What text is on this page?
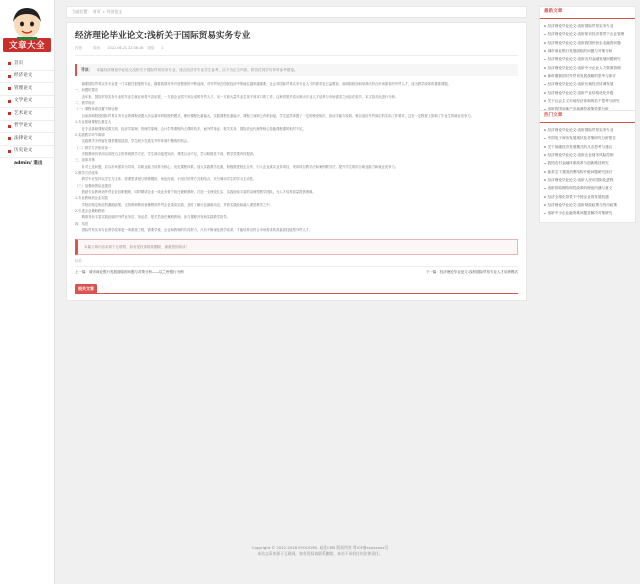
文章大全
首页
经济论文
管理论文
文学论文
艺术论文
哲学论文
法律论文
历史论文
admin/ 退出
当前位置： 首页 » 经济论文
经济理论毕业论文:浅析关于国际贸易实务专业
作者： 时间： 2022-06-21 22:36:18 浏览： 1
导读： 本篇经济理论毕业论文浅析关于国际贸易实务专业，适合经济学专业学生参考，以下为正文内容，供各位同学写作时参考借鉴。

摘要国际贸易实务专业是一门实践性很强的专业，随着我国对外开放程度的不断加深，对外贸易在国民经济中的地位越来越重要，社会对国际贸易实务专业人才的需求也日益增加，高职院校如何培养出符合市场需求的外贸人才，成为教学改革的重要课题。

一、问题的提出

近年来，国际贸易实务专业的毕业生就业形势不容乐观，一方面企业招不到合适的外贸人才，另一方面大量毕业生找不到对口的工作，这种供需矛盾反映出专业人才培养与市场需求之间存在脱节，本文拟对此进行分析。

二、教学现状

（一）课程体系设置不够合理

目前高职院校国际贸易实务专业的课程设置大多沿袭本科院校的模式，理论课程比重偏大，实践课程比重偏小，课程之间缺乏有机衔接，学生虽然掌握了一定的理论知识，但动手能力较弱，难以适应外贸岗位的实际工作要求，这在一定程度上影响了毕业生的就业竞争力。

1.专业基础课程比重过大

在专业基础课程设置方面，经济学原理、管理学原理、会计学等课程所占课时较多，而外贸单证、报关实务、国际货运代理等核心技能课程课时相对不足。

2.实践教学环节薄弱

实践教学多停留在课堂模拟层面，学生缺少在真实外贸环境中锻炼的机会。

（二）教学方法相对单一

多数教师仍采用以讲授为主的传统教学方法，学生被动接受知识，课堂互动不足，学习积极性不高，教学效果有待提高。

三、改革对策

针对上述问题，应以市场需求为导向，以职业能力培养为核心，优化课程体系，加大实践教学比重，积极推进校企合作，引入企业真实业务项目，采用项目教学法和案例教学法，提升学生的综合职业能力和就业竞争力。

2.教学方法改革

教学中应坚持以学生为主体，将课堂讲授与情境模拟、角色扮演、小组讨论等方式相结合，充分调动学生的学习主动性。

（三）加强师资队伍建设

鼓励专业教师到外贸企业挂职锻炼，同时聘请企业一线业务骨干担任兼职教师，打造一支理论扎实、实践经验丰富的双师型教学团队，为人才培养质量提供保障。

1.专业教师到企业实践

学校应制定相应的激励政策，支持教师利用寒暑假到外贸企业顶岗实践，及时了解行业最新动态，并将实践经验融入课堂教学之中。

2.引进企业兼职教师

聘请具有丰富实践经验的外贸业务员、单证员、报关员担任兼职教师，参与课程开发和实践教学指导。

四、结语

国际贸易实务专业教学改革是一项系统工程，需要学校、企业和教师的共同努力。只有不断深化教学改革，才能培养出符合市场需求的高素质技能型外贸人才。

本篇文章内容来源于互联网，如有侵权请联系删除，谢谢您的阅读！
标签：
上一篇：城市商业银行发展面临的问题与对策分析——以兰州银行为例	下一篇：经济理论毕业论文:浅析国际贸易专业人才培养模式
相关文章
最新文章
经济理论毕业论文:浅析国际贸易实务专业
经济理论毕业论文:浅析知识经济背景下企业管理
经济理论毕业论文:浅析我国民营企业融资问题
城市商业银行发展面临的问题与对策分析
经济理论毕业论文:浅析农村金融发展问题研究
经济理论毕业论文:浅析中小企业人力资源管理
新时期我国对外贸易发展战略的思考与探讨
经济理论毕业论文:浅析区域经济协调发展
经济理论毕业论文:浅析产业结构优化升级
关于社会主义市场经济体制的若干思考与研究
热门文章
经济理论毕业论文:浅析国际贸易实务专业
中国电子商务发展现状及对策研究分析报告
关于低碳经济发展模式的几点思考与建议
经济理论毕业论文:浅析企业财务风险控制
我国农村金融体系改革与创新路径研究
新常态下我国消费结构升级问题研究探讨
经济理论毕业论文:浅析人民币国际化进程
浅析供给侧结构性改革的理论内涵与意义
经济全球化背景下中国企业的发展机遇
经济理论毕业论文:浅析财政政策与货币政策
浅析中小企业融资难问题及解决对策研究
Copyright © 2012-2018 EYOUCMS. 易优CMS 版权所有 粤ICP备xxxxxxxx号
本站文章来源于互联网，如有侵权请联系删除，本站不承担任何法律责任。
